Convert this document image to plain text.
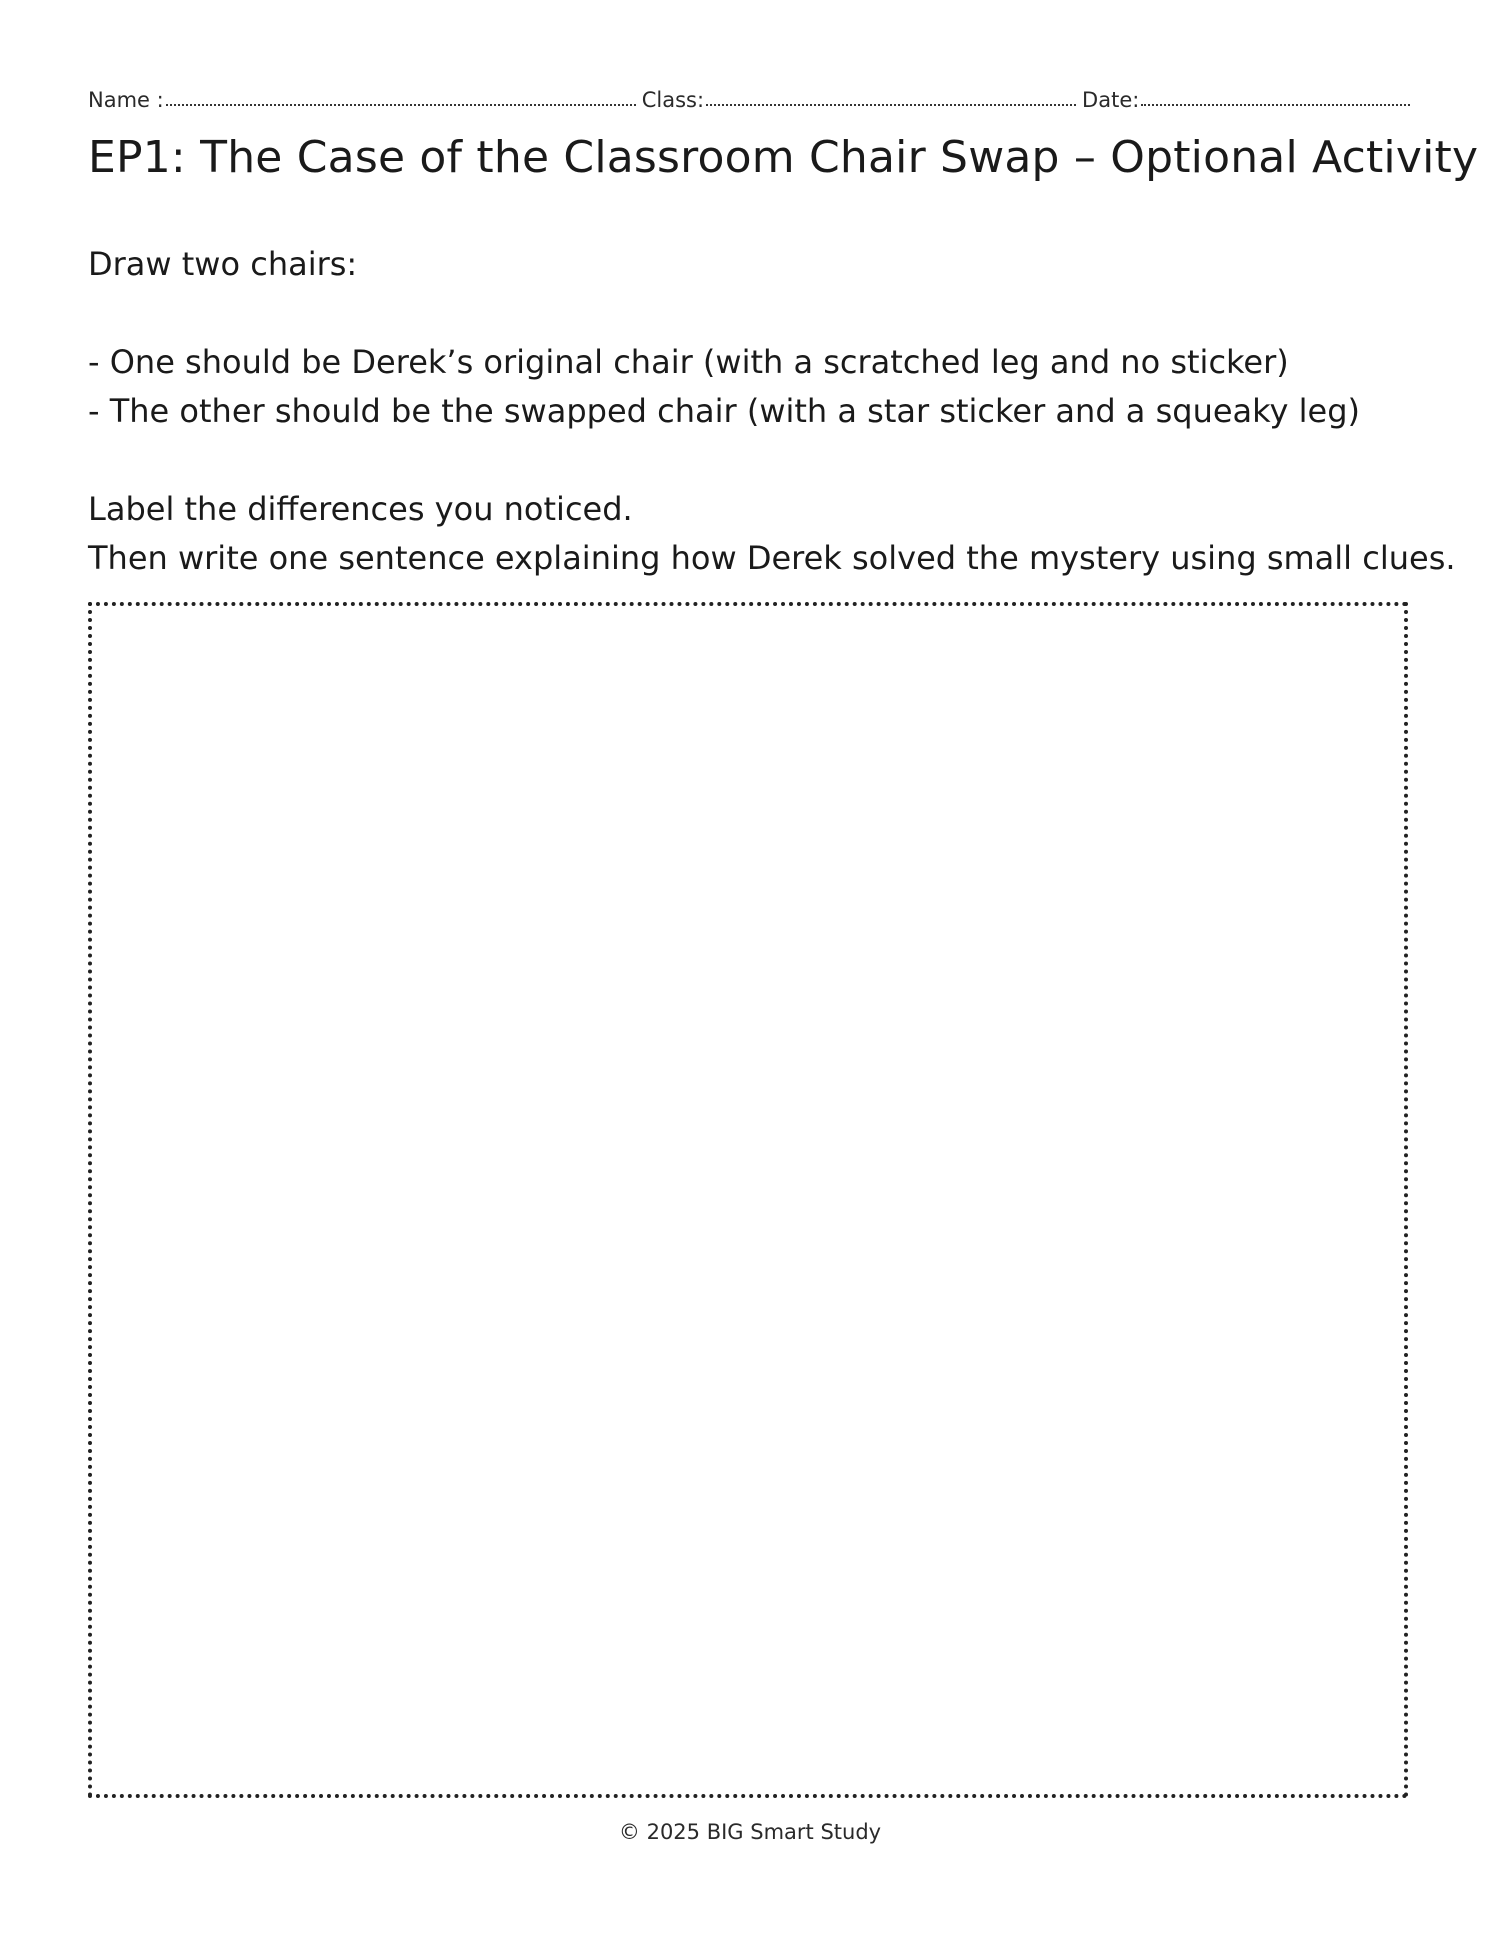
Name :	Class:	Date:
EP1: The Case of the Classroom Chair Swap – Optional Activity

Draw two chairs:

- One should be Derek’s original chair (with a scratched leg and no sticker)

- The other should be the swapped chair (with a star sticker and a squeaky leg)

Label the differences you noticed.

Then write one sentence explaining how Derek solved the mystery using small clues.

© 2025 BIG Smart Study
